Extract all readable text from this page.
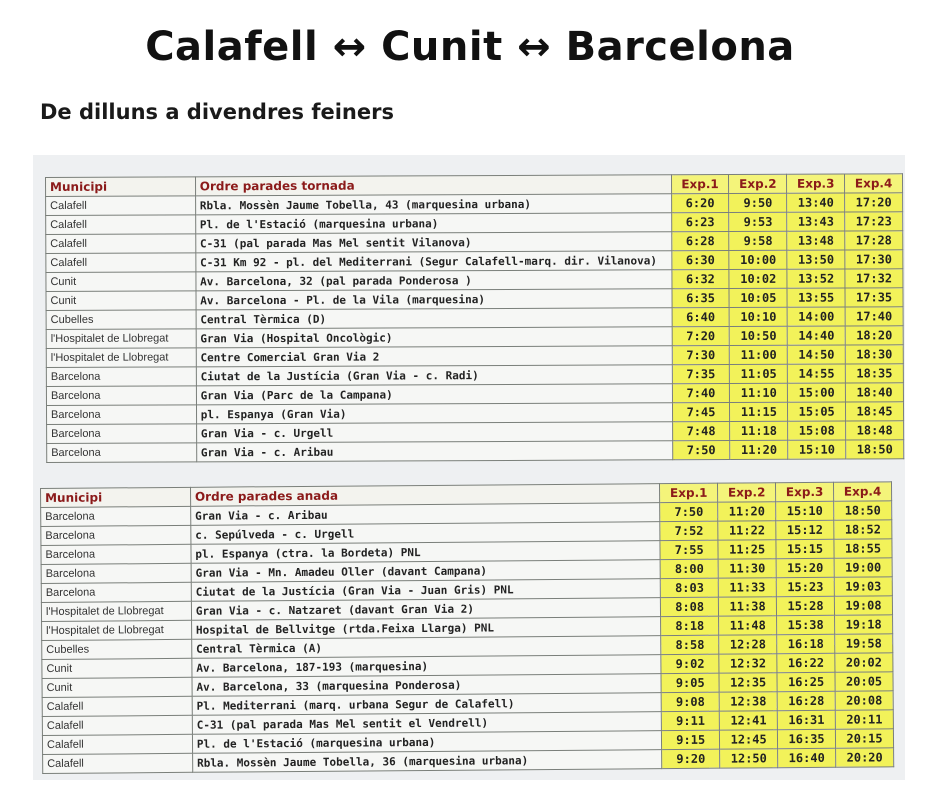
Calafell ↔ Cunit ↔ Barcelona
De dilluns a divendres feiners
Municipi	Ordre parades tornada	Exp.1	Exp.2	Exp.3	Exp.4
Calafell	Rbla. Mossèn Jaume Tobella, 43 (marquesina urbana)	6:20	9:50	13:40	17:20
Calafell	Pl. de l'Estació (marquesina urbana)	6:23	9:53	13:43	17:23
Calafell	C-31 (pal parada Mas Mel sentit Vilanova)	6:28	9:58	13:48	17:28
Calafell	C-31 Km 92 - pl. del Mediterrani (Segur Calafell-marq. dir. Vilanova)	6:30	10:00	13:50	17:30
Cunit	Av. Barcelona, 32 (pal parada Ponderosa )	6:32	10:02	13:52	17:32
Cunit	Av. Barcelona - Pl. de la Vila (marquesina)	6:35	10:05	13:55	17:35
Cubelles	Central Tèrmica (D)	6:40	10:10	14:00	17:40
l'Hospitalet de Llobregat	Gran Via (Hospital Oncològic)	7:20	10:50	14:40	18:20
l'Hospitalet de Llobregat	Centre Comercial Gran Via 2	7:30	11:00	14:50	18:30
Barcelona	Ciutat de la Justícia (Gran Via - c. Radi)	7:35	11:05	14:55	18:35
Barcelona	Gran Via (Parc de la Campana)	7:40	11:10	15:00	18:40
Barcelona	pl. Espanya (Gran Via)	7:45	11:15	15:05	18:45
Barcelona	Gran Via - c. Urgell	7:48	11:18	15:08	18:48
Barcelona	Gran Via - c. Aribau	7:50	11:20	15:10	18:50
Municipi	Ordre parades anada	Exp.1	Exp.2	Exp.3	Exp.4
Barcelona	Gran Via - c. Aribau	7:50	11:20	15:10	18:50
Barcelona	c. Sepúlveda - c. Urgell	7:52	11:22	15:12	18:52
Barcelona	pl. Espanya (ctra. la Bordeta) PNL	7:55	11:25	15:15	18:55
Barcelona	Gran Via - Mn. Amadeu Oller (davant Campana)	8:00	11:30	15:20	19:00
Barcelona	Ciutat de la Justícia (Gran Via - Juan Gris) PNL	8:03	11:33	15:23	19:03
l'Hospitalet de Llobregat	Gran Via - c. Natzaret (davant Gran Via 2)	8:08	11:38	15:28	19:08
l'Hospitalet de Llobregat	Hospital de Bellvitge (rtda.Feixa Llarga) PNL	8:18	11:48	15:38	19:18
Cubelles	Central Tèrmica (A)	8:58	12:28	16:18	19:58
Cunit	Av. Barcelona, 187-193 (marquesina)	9:02	12:32	16:22	20:02
Cunit	Av. Barcelona, 33 (marquesina Ponderosa)	9:05	12:35	16:25	20:05
Calafell	Pl. Mediterrani (marq. urbana Segur de Calafell)	9:08	12:38	16:28	20:08
Calafell	C-31 (pal parada Mas Mel sentit el Vendrell)	9:11	12:41	16:31	20:11
Calafell	Pl. de l'Estació (marquesina urbana)	9:15	12:45	16:35	20:15
Calafell	Rbla. Mossèn Jaume Tobella, 36 (marquesina urbana)	9:20	12:50	16:40	20:20
